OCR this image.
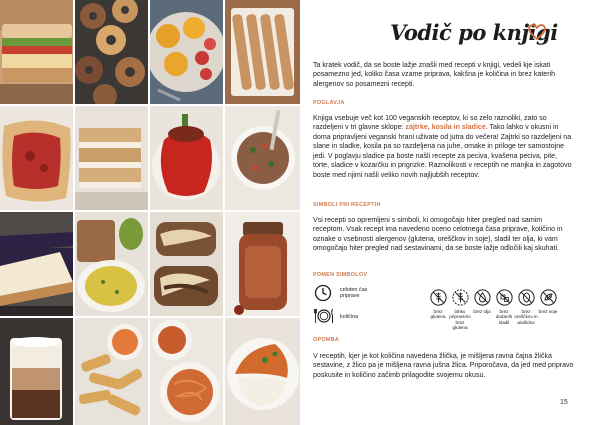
Vodič po knjigi
Ta kratek vodič, da se boste lažje znašli med recepti v knjigi, vedeli kje iskati posamezno jed, koliko časa vzame priprava, kakšna je količina in brez katerih alergenov so posamezni recepti.
POGLAVJA
Knjiga vsebuje več kot 100 veganskih receptov, ki so zelo raznoliki, zato so razdeljeni v tri glavne sklope: zajtrke, kosila in sladice. Tako lahko v okusni in doma pripravljeni veganski hrani uživate od jutra do večera! Zajtrki so razdeljeni na slane in sladke, kosila pa so razdeljena na juhe, omake in priloge ter samostojne jedi. V poglavju sladice pa boste našli recepte za peciva, kvašena peciva, pite, torte, sladice v kozarčku in prigrizke. Raznolikosti v receptih ne manjka in zagotovo boste med njimi našli veliko novih najljubših receptov.
SIMBOLI PRI RECEPTIH
Vsi recepti so opremljeni s simboli, ki omogočajo hiter pregled nad samim receptom. Vsak recept ima navedeno oceno celotnega časa priprave, količino in oznake o vsebnosti alergenov (glutena, oreščkov in soje), sladil ter olja, ki vam omogočajo hiter pregled nad sestavinami, da se boste lažje odločili kaj skuhati.
POMEN SIMBOLOV
celoten čas priprave
količina
brez glutena
lahko pripravimo brez glutena
brez olja	brez dodanih sladil
brez oreščkov in arašidov
brez soje
OPOMBA
V receptih, kjer je kot količina navedena žlička, je mišljena ravna čajna žlička sestavine, z žlico pa je mišljena ravna jušna žlica. Priporočava, da jed med pripravo poskusite in količino začimb prilagodite svojemu okusu.
15
